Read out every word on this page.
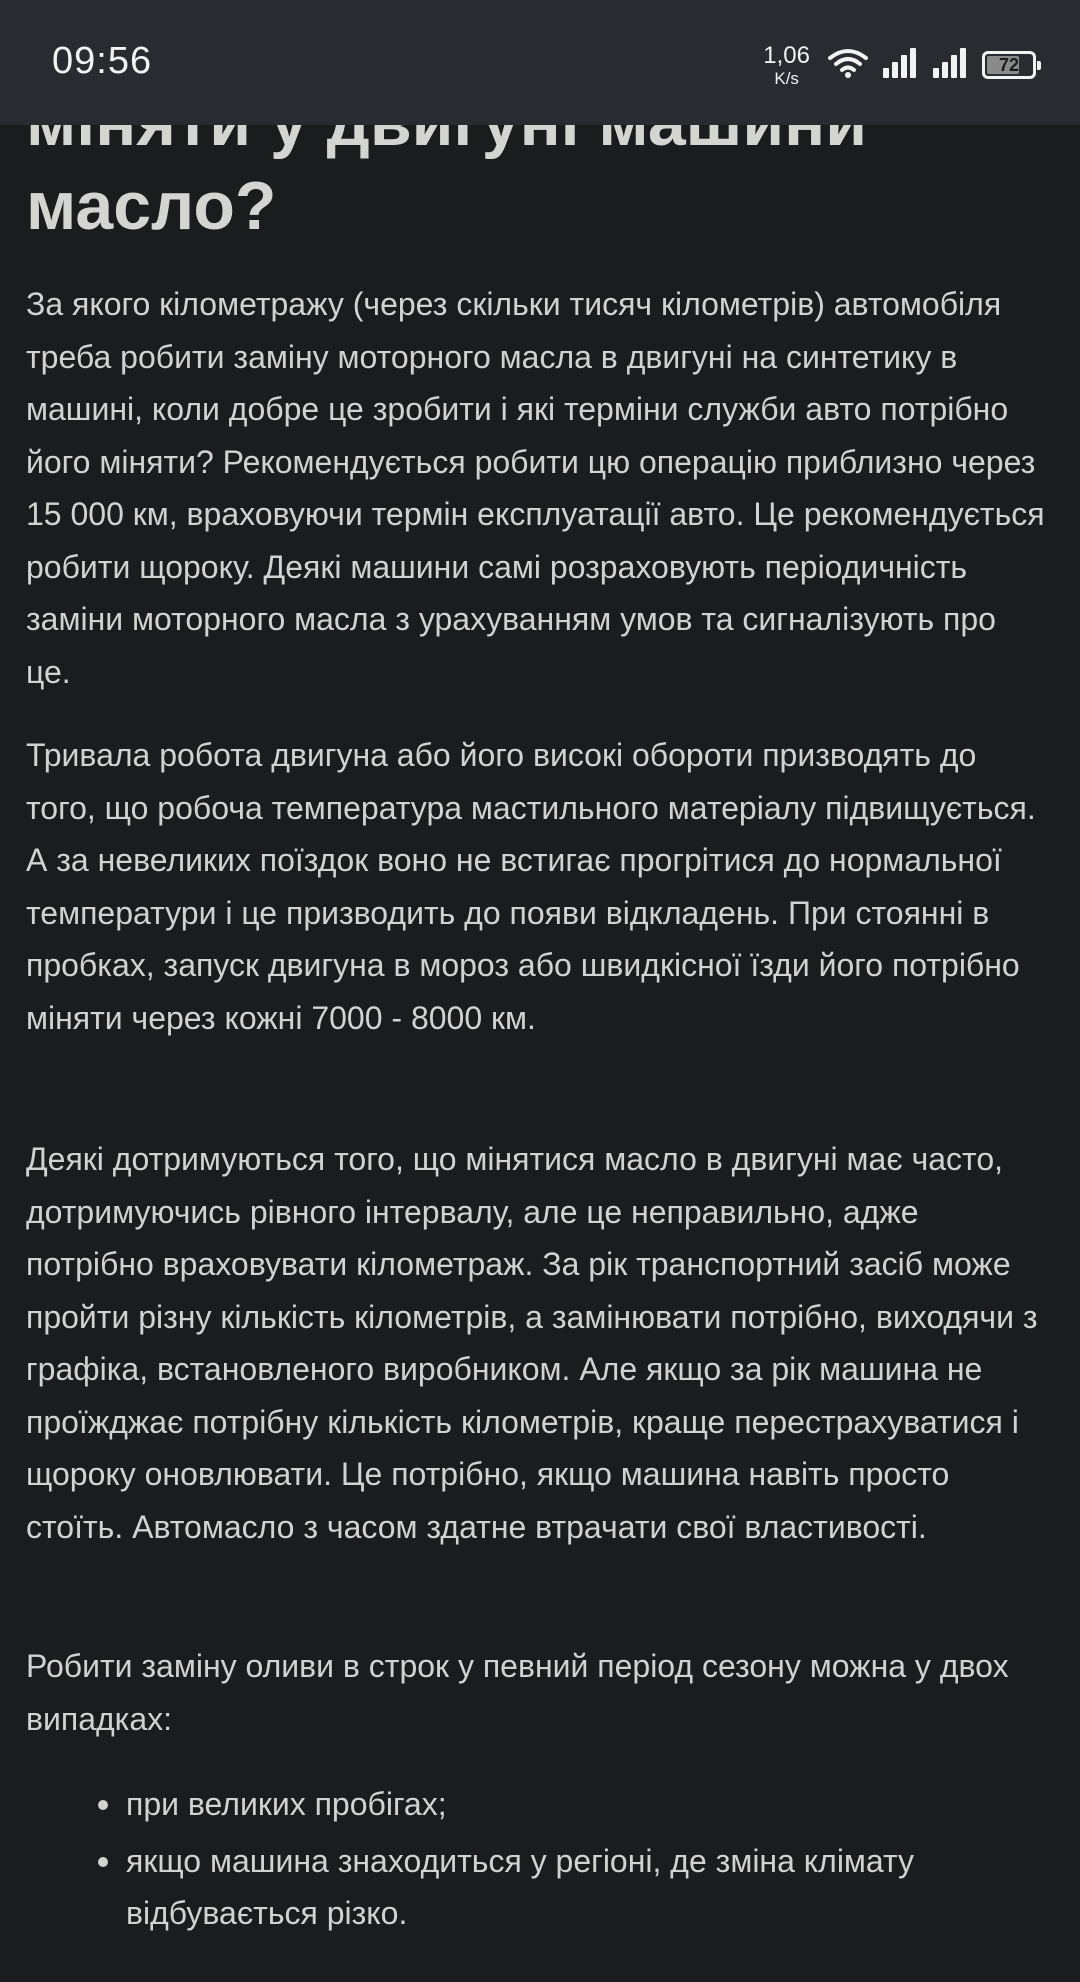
масло?

За якого кілометражу (через скільки тисяч кілометрів) автомобіля треба робити заміну моторного масла в двигуні на синтетику в машині, коли добре це зробити і які терміни служби авто потрібно його міняти? Рекомендується робити цю операцію приблизно через 15 000 км, враховуючи термін експлуатації авто. Це рекомендується робити щороку. Деякі машини самі розраховують періодичність заміни моторного масла з урахуванням умов та сигналізують про це.

Тривала робота двигуна або його високі обороти призводять до того, що робоча температура мастильного матеріалу підвищується. А за невеликих поїздок воно не встигає прогрітися до нормальної температури і це призводить до появи відкладень. При стоянні в пробках, запуск двигуна в мороз або швидкісної їзди його потрібно міняти через кожні 7000 - 8000 км.

Деякі дотримуються того, що мінятися масло в двигуні має часто, дотримуючись рівного інтервалу, але це неправильно, адже потрібно враховувати кілометраж. За рік транспортний засіб може пройти різну кількість кілометрів, а замінювати потрібно, виходячи з графіка, встановленого виробником. Але якщо за рік машина не проїжджає потрібну кількість кілометрів, краще перестрахуватися і щороку оновлювати. Це потрібно, якщо машина навіть просто стоїть. Автомасло з часом здатне втрачати свої властивості.

Робити заміну оливи в строк у певний період сезону можна у двох випадках:

при великих пробігах;
якщо машина знаходиться у регіоні, де зміна клімату відбувається різко.
09:56	1,06
K/s
72
